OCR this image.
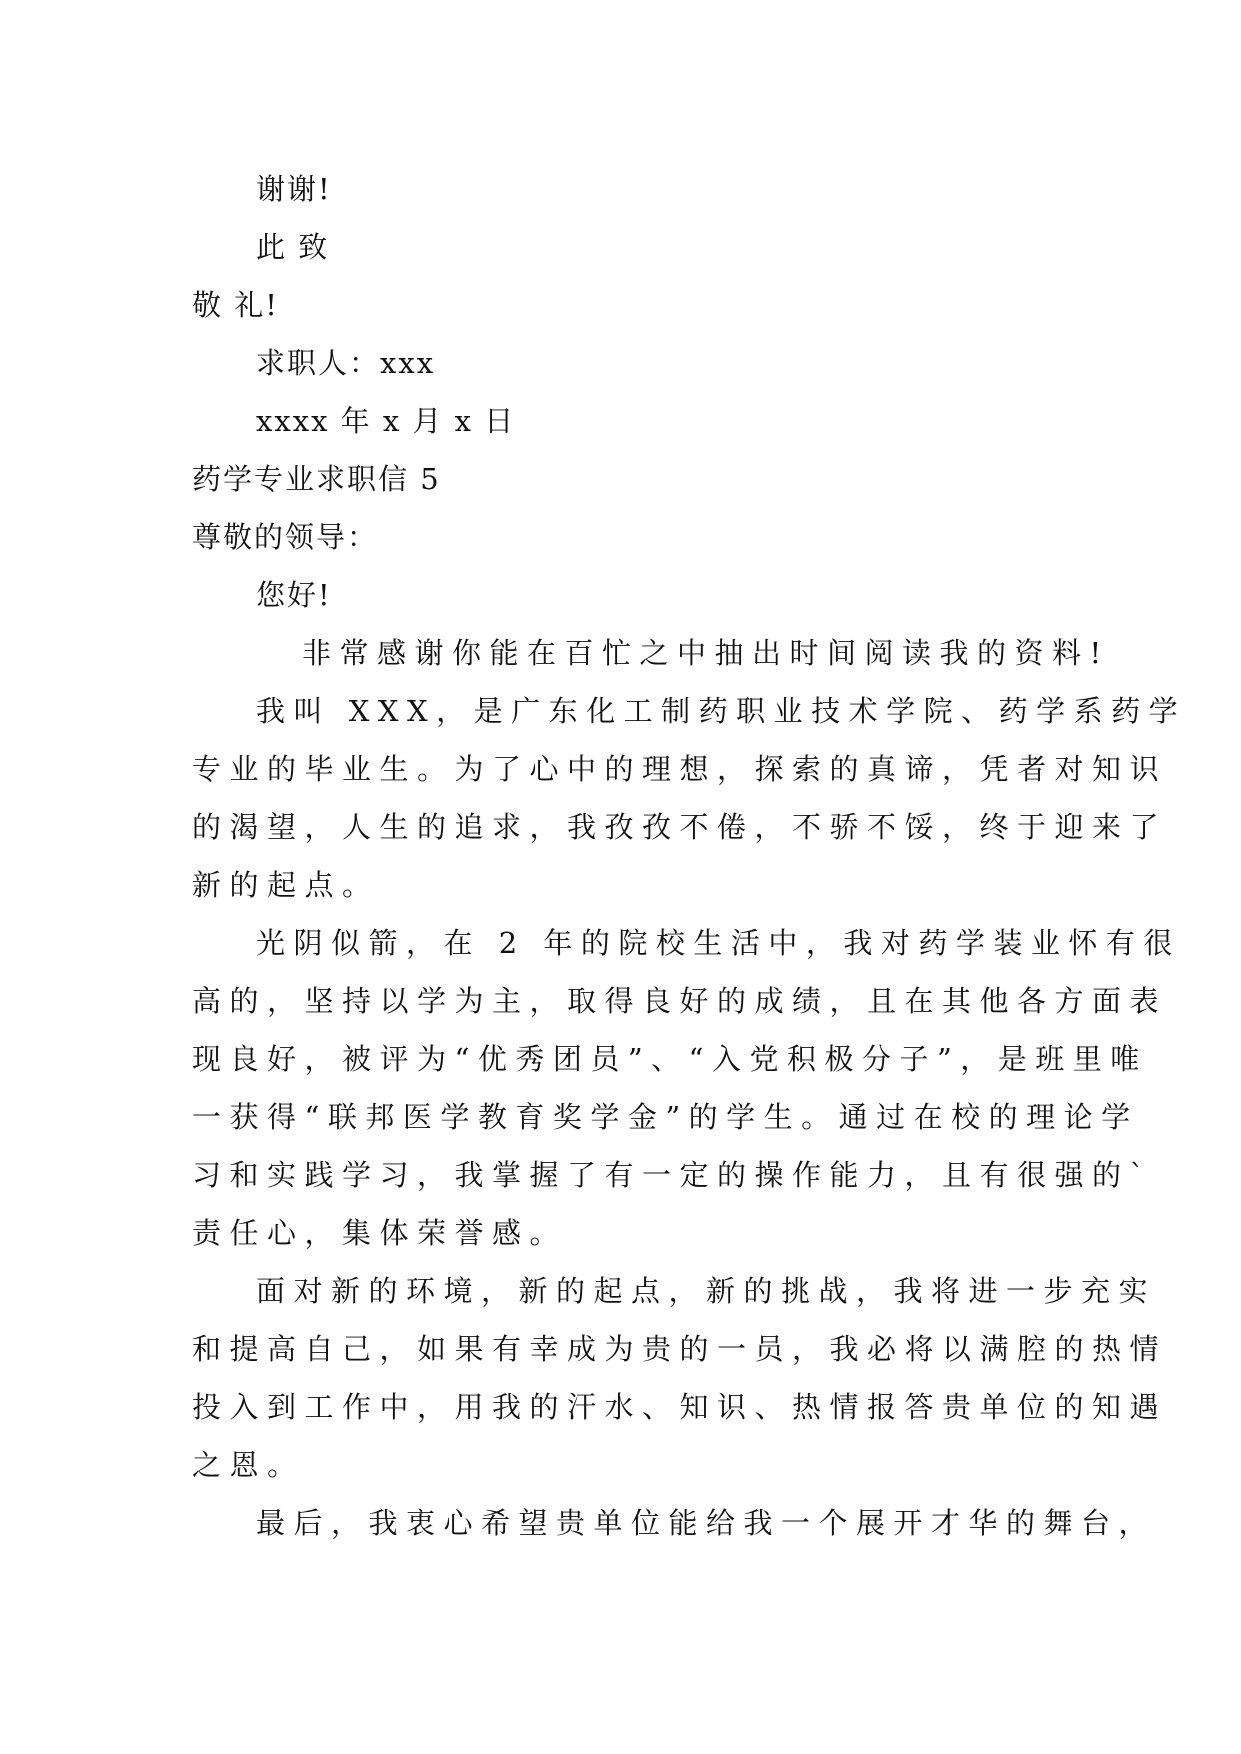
谢谢!
此 致
敬 礼!
求职人：xxx
xxxx 年 x 月 x 日
药学专业求职信 5
尊敬的领导：
您好!
非常感谢你能在百忙之中抽出时间阅读我的资料!
我叫 XXX，是广东化工制药职业技术学院、药学系药学
专业的毕业生。为了心中的理想，探索的真谛，凭者对知识
的渴望，人生的追求，我孜孜不倦，不骄不馁，终于迎来了
新的起点。
光阴似箭，在 2 年的院校生活中，我对药学装业怀有很
高的，坚持以学为主，取得良好的成绩，且在其他各方面表
现良好，被评为“优秀团员”、“入党积极分子”，是班里唯
一获得“联邦医学教育奖学金”的学生。通过在校的理论学
习和实践学习，我掌握了有一定的操作能力，且有很强的`
责任心，集体荣誉感。
面对新的环境，新的起点，新的挑战，我将进一步充实
和提高自己，如果有幸成为贵的一员，我必将以满腔的热情
投入到工作中，用我的汗水、知识、热情报答贵单位的知遇
之恩。
最后，我衷心希望贵单位能给我一个展开才华的舞台，
